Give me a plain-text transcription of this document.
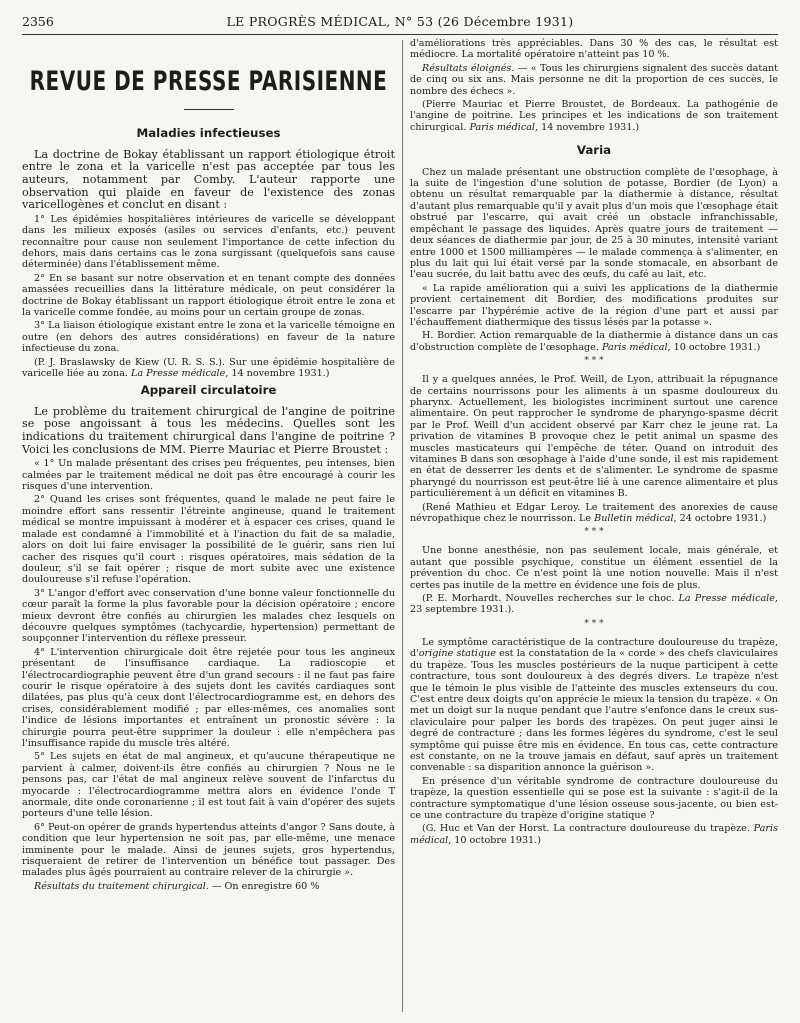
2356	LE PROGRÈS MÉDICAL, N° 53 (26 Décembre 1931)
REVUE DE PRESSE PARISIENNE
Maladies infectieuses

La doctrine de Bokay établissant un rapport étiologique étroit entre le zona et la varicelle n'est pas acceptée par tous les auteurs, notamment par Comby. L'auteur rapporte une observation qui plaide en faveur de l'existence des zonas varicellogènes et conclut en disant :

1° Les épidémies hospitalières intérieures de varicelle se développant dans les milieux exposés (asiles ou services d'enfants, etc.) peuvent reconnaître pour cause non seulement l'importance de cette infection du dehors, mais dans certains cas le zona surgissant (quelquefois sans cause déterminée) dans l'établissement même.

2° En se basant sur notre observation et en tenant compte des données amassées recueillies dans la littérature médicale, on peut considérer la doctrine de Bokay établissant un rapport étiologique étroit entre le zona et la varicelle comme fondée, au moins pour un certain groupe de zonas.

3° La liaison étiologique existant entre le zona et la varicelle témoigne en outre (en dehors des autres considérations) en faveur de la nature infectieuse du zona.

(P. J. Braslawsky de Kiew (U. R. S. S.). Sur une épidémie hospitalière de varicelle liée au zona. La Presse médicale, 14 novembre 1931.)

Appareil circulatoire

Le problème du traitement chirurgical de l'angine de poitrine se pose angoissant à tous les médecins. Quelles sont les indications du traitement chirurgical dans l'angine de poitrine ? Voici les conclusions de MM. Pierre Mauriac et Pierre Broustet :

« 1° Un malade présentant des crises peu fréquentes, peu intenses, bien calmées par le traitement médical ne doit pas être encouragé à courir les risques d'une intervention.

2° Quand les crises sont fréquentes, quand le malade ne peut faire le moindre effort sans ressentir l'étreinte angineuse, quand le traitement médical se montre impuissant à modérer et à espacer ces crises, quand le malade est condamné à l'immobilité et à l'inaction du fait de sa maladie, alors on doit lui faire envisager la possibilité de le guérir, sans rien lui cacher des risques qu'il court : risques opératoires, mais sédation de la douleur, s'il se fait opérer ; risque de mort subite avec une existence douloureuse s'il refuse l'opération.

3° L'angor d'effort avec conservation d'une bonne valeur fonctionnelle du cœur paraît la forme la plus favorable pour la décision opératoire ; encore mieux devront être confiés au chirurgien les malades chez lesquels on découvre quelques symptômes (tachycardie, hypertension) permettant de soupçonner l'intervention du réflexe presseur.

4° L'intervention chirurgicale doit être rejetée pour tous les angineux présentant de l'insuffisance cardiaque. La radioscopie et l'électrocardiographie peuvent être d'un grand secours : il ne faut pas faire courir le risque opératoire à des sujets dont les cavités cardiaques sont dilatées, pas plus qu'à ceux dont l'électrocardiogramme est, en dehors des crises, considérablement modifié ; par elles-mêmes, ces anomalies sont l'indice de lésions importantes et entraînent un pronostic sévère : la chirurgie pourra peut-être supprimer la douleur : elle n'empêchera pas l'insuffisance rapide du muscle très altéré.

5° Les sujets en état de mal angineux, et qu'aucune thérapeutique ne parvient à calmer, doivent-ils être confiés au chirurgien ? Nous ne le pensons pas, car l'état de mal angineux relève souvent de l'infarctus du myocarde : l'électrocardiogramme mettra alors en évidence l'onde T anormale, dite onde coronarienne ; il est tout fait à vain d'opérer des sujets porteurs d'une telle lésion.

6° Peut-on opérer de grands hypertendus atteints d'angor ? Sans doute, à condition que leur hypertension ne soit pas, par elle-même, une menace imminente pour le malade. Ainsi de jeunes sujets, gros hypertendus, risqueraient de retirer de l'intervention un bénéfice tout passager. Des malades plus âgés pourraient au contraire relever de la chirurgie ».

Résultats du traitement chirurgical. — On enregistre 60 %

d'améliorations très appréciables. Dans 30 % des cas, le résultat est médiocre. La mortalité opératoire n'atteint pas 10 %.

Résultats éloignés. — « Tous les chirurgiens signalent des succès datant de cinq ou six ans. Mais personne ne dit la proportion de ces succès, le nombre des échecs ».

(Pierre Mauriac et Pierre Broustet, de Bordeaux. La pathogénie de l'angine de poitrine. Les principes et les indications de son traitement chirurgical. Paris médical, 14 novembre 1931.)

Varia

Chez un malade présentant une obstruction complète de l'œsophage, à la suite de l'ingestion d'une solution de potasse, Bordier (de Lyon) a obtenu un résultat remarquable par la diathermie à distance, résultat d'autant plus remarquable qu'il y avait plus d'un mois que l'œsophage était obstrué par l'escarre, qui avait créé un obstacle infranchissable, empêchant le passage des liquides. Après quatre jours de traitement — deux séances de diathermie par jour, de 25 à 30 minutes, intensité variant entre 1000 et 1500 milliampères — le malade commença à s'alimenter, en plus du lait qui lui était versé par la sonde stomacale, en absorbant de l'eau sucrée, du lait battu avec des œufs, du café au lait, etc.

« La rapide amélioration qui a suivi les applications de la diathermie provient certainement dit Bordier, des modifications produites sur l'escarre par l'hypérémie active de la région d'une part et aussi par l'échauffement diathermique des tissus lésés par la potasse ».

H. Bordier. Action remarquable de la diathermie à distance dans un cas d'obstruction complète de l'œsophage. Paris médical, 10 octobre 1931.)

* * *

Il y a quelques années, le Prof. Weill, de Lyon, attribuait la répugnance de certains nourrissons pour les aliments à un spasme douloureux du pharynx. Actuellement, les biologistes incriminent surtout une carence alimentaire. On peut rapprocher le syndrome de pharyngo-spasme décrit par le Prof. Weill d'un accident observé par Karr chez le jeune rat. La privation de vitamines B provoque chez le petit animal un spasme des muscles masticateurs qui l'empêche de téter. Quand on introduit des vitamines B dans son œsophage à l'aide d'une sonde, il est mis rapidement en état de desserrer les dents et de s'alimenter. Le syndrome de spasme pharyngé du nourrisson est peut-être lié à une carence alimentaire et plus particulièrement à un déficit en vitamines B.

(René Mathieu et Edgar Leroy. Le traitement des anorexies de cause névropathique chez le nourrisson. Le Bulletin médical, 24 octobre 1931.)

* * *

Une bonne anesthésie, non pas seulement locale, mais générale, et autant que possible psychique, constitue un élément essentiel de la prévention du choc. Ce n'est point là une notion nouvelle. Mais il n'est certes pas inutile de la mettre en évidence une fois de plus.

(P. E. Morhardt. Nouvelles recherches sur le choc. La Presse médicale, 23 septembre 1931.).

* * *

Le symptôme caractéristique de la contracture douloureuse du trapèze, d'origine statique est la constatation de la « corde » des chefs claviculaires du trapèze. Tous les muscles postérieurs de la nuque participent à cette contracture, tous sont douloureux à des degrés divers. Le trapèze n'est que le témoin le plus visible de l'atteinte des muscles extenseurs du cou. C'est entre deux doigts qu'on apprécie le mieux la tension du trapèze. « On met un doigt sur la nuque pendant que l'autre s'enfonce dans le creux sus-claviculaire pour palper les bords des trapèzes. On peut juger ainsi le degré de contracture ; dans les formes légères du syndrome, c'est le seul symptôme qui puisse être mis en évidence. En tous cas, cette contracture est constante, on ne la trouve jamais en défaut, sauf après un traitement convenable : sa disparition annonce la guérison ».

En présence d'un véritable syndrome de contracture douloureuse du trapèze, la question essentielle qui se pose est la suivante : s'agit-il de la contracture symptomatique d'une lésion osseuse sous-jacente, ou bien est-ce une contracture du trapèze d'origine statique ?

(G. Huc et Van der Horst. La contracture douloureuse du trapèze. Paris médical, 10 octobre 1931.)
